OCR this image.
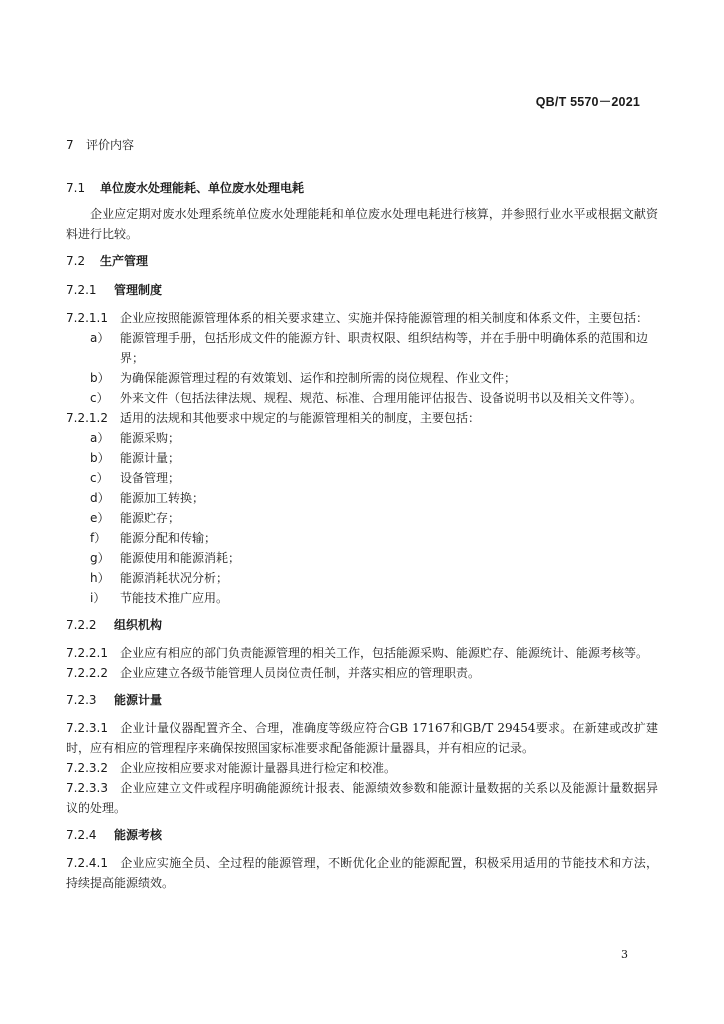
QB/T 5570－2021
7 评价内容
7.1 单位废水处理能耗、单位废水处理电耗
企业应定期对废水处理系统单位废水处理能耗和单位废水处理电耗进行核算，并参照行业水平或根据文献资料进行比较。
7.2 生产管理
7.2.1 管理制度
7.2.1.1 企业应按照能源管理体系的相关要求建立、实施并保持能源管理的相关制度和体系文件，主要包括：
a） 能源管理手册，包括形成文件的能源方针、职责权限、组织结构等，并在手册中明确体系的范围和边界；
b） 为确保能源管理过程的有效策划、运作和控制所需的岗位规程、作业文件；
c） 外来文件（包括法律法规、规程、规范、标准、合理用能评估报告、设备说明书以及相关文件等）。
7.2.1.2 适用的法规和其他要求中规定的与能源管理相关的制度，主要包括：
a） 能源采购；
b） 能源计量；
c） 设备管理；
d） 能源加工转换；
e） 能源贮存；
f） 能源分配和传输；
g） 能源使用和能源消耗；
h） 能源消耗状况分析；
i） 节能技术推广应用。
7.2.2 组织机构
7.2.2.1 企业应有相应的部门负责能源管理的相关工作，包括能源采购、能源贮存、能源统计、能源考核等。
7.2.2.2 企业应建立各级节能管理人员岗位责任制，并落实相应的管理职责。
7.2.3 能源计量
7.2.3.1 企业计量仪器配置齐全、合理，准确度等级应符合GB 17167和GB/T 29454要求。在新建或改扩建时，应有相应的管理程序来确保按照国家标准要求配备能源计量器具，并有相应的记录。
7.2.3.2 企业应按相应要求对能源计量器具进行检定和校准。
7.2.3.3 企业应建立文件或程序明确能源统计报表、能源绩效参数和能源计量数据的关系以及能源计量数据异议的处理。
7.2.4 能源考核
7.2.4.1 企业应实施全员、全过程的能源管理，不断优化企业的能源配置，积极采用适用的节能技术和方法，持续提高能源绩效。
3
